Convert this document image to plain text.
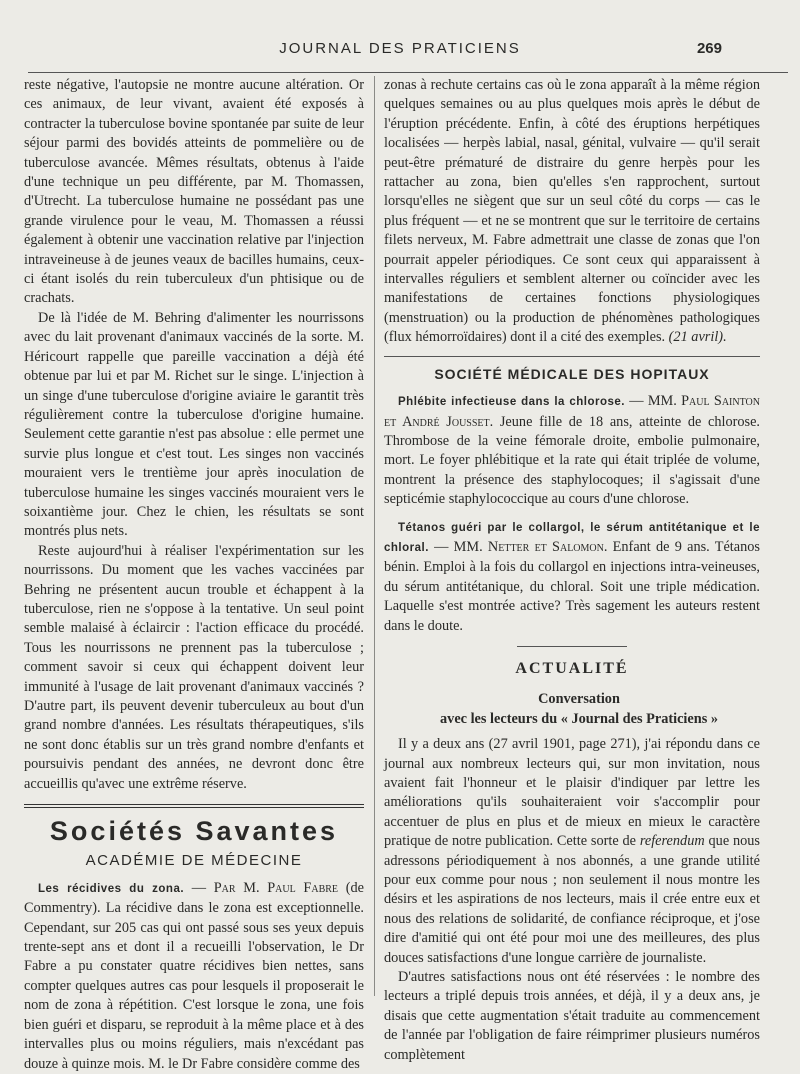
JOURNAL DES PRATICIENS	269

reste négative, l'autopsie ne montre aucune altération. Or ces animaux, de leur vivant, avaient été exposés à contracter la tuberculose bovine spontanée par suite de leur séjour parmi des bovidés atteints de pommelière ou de tuberculose avancée. Mêmes résultats, obtenus à l'aide d'une technique un peu différente, par M. Thomassen, d'Utrecht. La tuberculose humaine ne possédant pas une grande virulence pour le veau, M. Thomassen a réussi également à obtenir une vaccination relative par l'injection intraveineuse à de jeunes veaux de bacilles humains, ceux-ci étant isolés du rein tuberculeux d'un phtisique ou de crachats.

De là l'idée de M. Behring d'alimenter les nourrissons avec du lait provenant d'animaux vaccinés de la sorte. M. Héricourt rappelle que pareille vaccination a déjà été obtenue par lui et par M. Richet sur le singe. L'injection à un singe d'une tuberculose d'origine aviaire le garantit très régulièrement contre la tuberculose d'origine humaine. Seulement cette garantie n'est pas absolue : elle permet une survie plus longue et c'est tout. Les singes non vaccinés mouraient vers le trentième jour après inoculation de tuberculose humaine les singes vaccinés mouraient vers le soixantième jour. Chez le chien, les résultats se sont montrés plus nets.

Reste aujourd'hui à réaliser l'expérimentation sur les nourrissons. Du moment que les vaches vaccinées par Behring ne présentent aucun trouble et échappent à la tuberculose, rien ne s'oppose à la tentative. Un seul point semble malaisé à éclaircir : l'action efficace du procédé. Tous les nourrissons ne prennent pas la tuberculose ; comment savoir si ceux qui échappent doivent leur immunité à l'usage de lait provenant d'animaux vaccinés ? D'autre part, ils peuvent devenir tuberculeux au bout d'un grand nombre d'années. Les résultats thérapeutiques, s'ils ne sont donc établis sur un très grand nombre d'enfants et poursuivis pendant des années, ne devront donc être accueillis qu'avec une extrême réserve.

Sociétés Savantes
ACADÉMIE DE MÉDECINE

Les récidives du zona. — Par M. Paul Fabre (de Commentry). La récidive dans le zona est exceptionnelle. Cependant, sur 205 cas qui ont passé sous ses yeux depuis trente-sept ans et dont il a recueilli l'observation, le Dr Fabre a pu constater quatre récidives bien nettes, sans compter quelques autres cas pour lesquels il proposerait le nom de zona à répétition. C'est lorsque le zona, une fois bien guéri et disparu, se reproduit à la même place et à des intervalles plus ou moins réguliers, mais n'excédant pas douze à quinze mois. M. le Dr Fabre considère comme des

zonas à rechute certains cas où le zona apparaît à la même région quelques semaines ou au plus quelques mois après le début de l'éruption précédente. Enfin, à côté des éruptions herpétiques localisées — herpès labial, nasal, génital, vulvaire — qu'il serait peut-être prématuré de distraire du genre herpès pour les rattacher au zona, bien qu'elles s'en rapprochent, surtout lorsqu'elles ne siègent que sur un seul côté du corps — cas le plus fréquent — et ne se montrent que sur le territoire de certains filets nerveux, M. Fabre admettrait une classe de zonas que l'on pourrait appeler périodiques. Ce sont ceux qui apparaissent à intervalles réguliers et semblent alterner ou coïncider avec les manifestations de certaines fonctions physiologiques (menstruation) ou la production de phénomènes pathologiques (flux hémorroïdaires) dont il a cité des exemples. (21 avril).

SOCIÉTÉ MÉDICALE DES HOPITAUX

Phlébite infectieuse dans la chlorose. — MM. Paul Sainton et André Jousset. Jeune fille de 18 ans, atteinte de chlorose. Thrombose de la veine fémorale droite, embolie pulmonaire, mort. Le foyer phlébitique et la rate qui était triplée de volume, montrent la présence des staphylocoques; il s'agissait d'une septicémie staphylococcique au cours d'une chlorose.

Tétanos guéri par le collargol, le sérum antitétanique et le chloral. — MM. Netter et Salomon. Enfant de 9 ans. Tétanos bénin. Emploi à la fois du collargol en injections intra-veineuses, du sérum antitétanique, du chloral. Soit une triple médication. Laquelle s'est montrée active? Très sagement les auteurs restent dans le doute.

ACTUALITÉ

Conversation

avec les lecteurs du « Journal des Praticiens »

Il y a deux ans (27 avril 1901, page 271), j'ai répondu dans ce journal aux nombreux lecteurs qui, sur mon invitation, nous avaient fait l'honneur et le plaisir d'indiquer par lettre les améliorations qu'ils souhaiteraient voir s'accomplir pour accentuer de plus en plus et de mieux en mieux le caractère pratique de notre publication. Cette sorte de referendum que nous adressons périodiquement à nos abonnés, a une grande utilité pour eux comme pour nous ; non seulement il nous montre les désirs et les aspirations de nos lecteurs, mais il crée entre eux et nous des relations de solidarité, de confiance réciproque, et j'ose dire d'amitié qui ont été pour moi une des meilleures, des plus douces satisfactions d'une longue carrière de journaliste.

D'autres satisfactions nous ont été réservées : le nombre des lecteurs a triplé depuis trois années, et déjà, il y a deux ans, je disais que cette augmentation s'était traduite au commencement de l'année par l'obligation de faire réimprimer plusieurs numéros complètement
